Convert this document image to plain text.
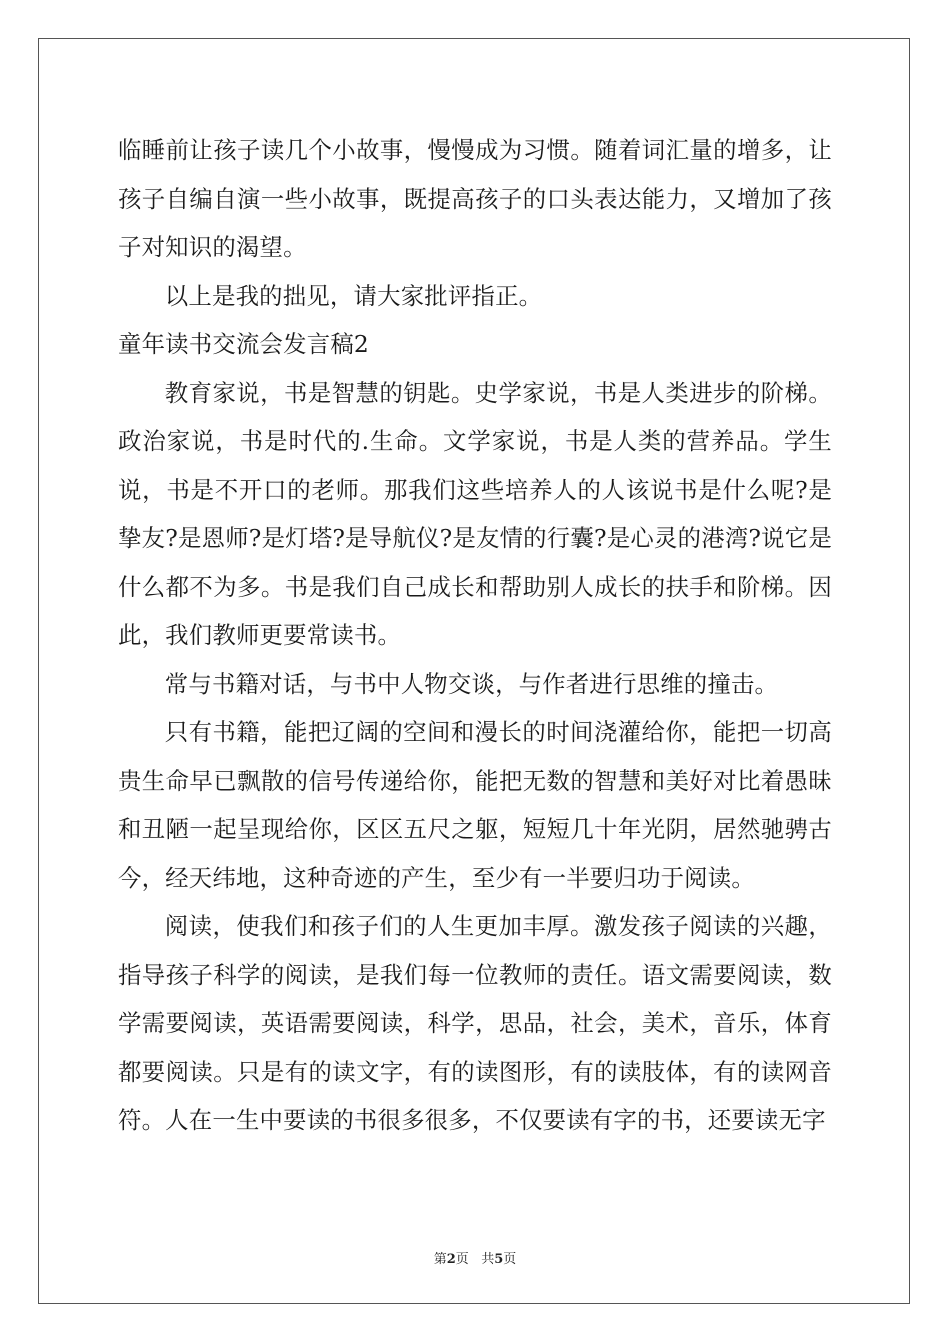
临睡前让孩子读几个小故事，慢慢成为习惯。随着词汇量的增多，让孩子自编自演一些小故事，既提高孩子的口头表达能力，又增加了孩子对知识的渴望。

以上是我的拙见，请大家批评指正。

童年读书交流会发言稿2

教育家说，书是智慧的钥匙。史学家说，书是人类进步的阶梯。政治家说，书是时代的.生命。文学家说，书是人类的营养品。学生说，书是不开口的老师。那我们这些培养人的人该说书是什么呢?是挚友?是恩师?是灯塔?是导航仪?是友情的行囊?是心灵的港湾?说它是什么都不为多。书是我们自己成长和帮助别人成长的扶手和阶梯。因此，我们教师更要常读书。

常与书籍对话，与书中人物交谈，与作者进行思维的撞击。

只有书籍，能把辽阔的空间和漫长的时间浇灌给你，能把一切高贵生命早已飘散的信号传递给你，能把无数的智慧和美好对比着愚昧和丑陋一起呈现给你，区区五尺之躯，短短几十年光阴，居然驰骋古今，经天纬地，这种奇迹的产生，至少有一半要归功于阅读。

阅读，使我们和孩子们的人生更加丰厚。激发孩子阅读的兴趣，指导孩子科学的阅读，是我们每一位教师的责任。语文需要阅读，数学需要阅读，英语需要阅读，科学，思品，社会，美术，音乐，体育都要阅读。只是有的读文字，有的读图形，有的读肢体，有的读网音符。人在一生中要读的书很多很多，不仅要读有字的书，还要读无字

第2页 共5页
